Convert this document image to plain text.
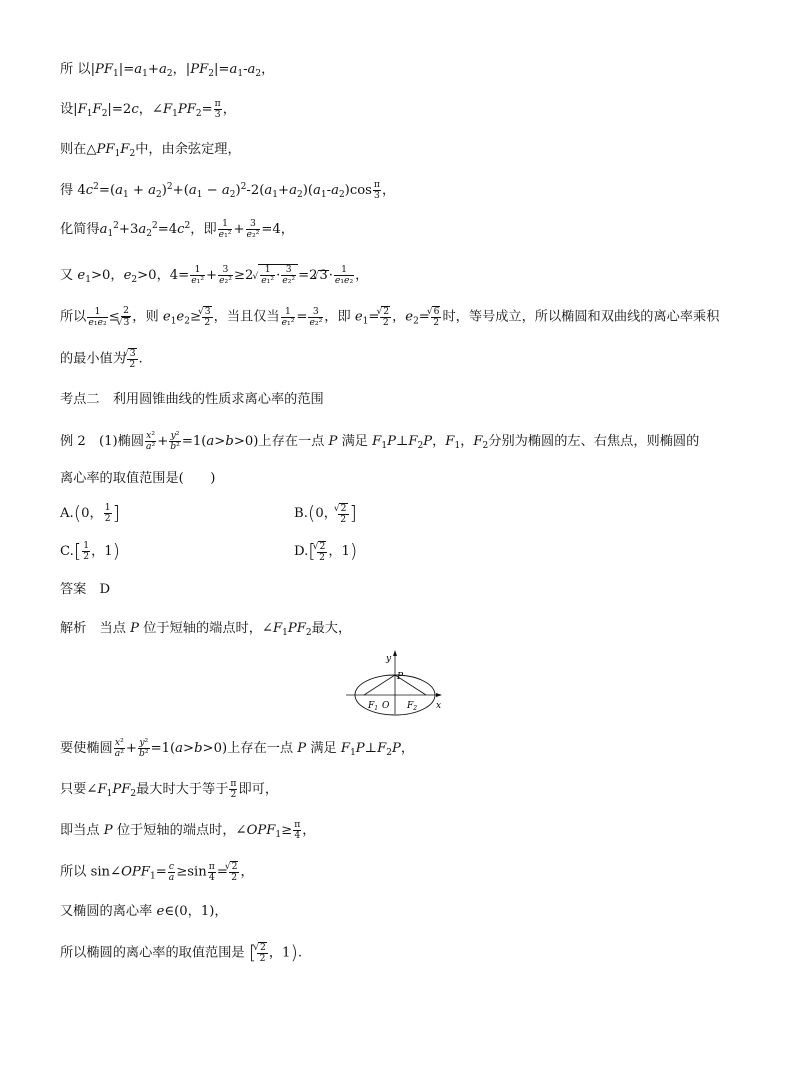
所 以$|PF_1|=a_1+a_2$，$|PF_2|=a_1-a_2$，
设$|F_1F_2|=2c$，$\angle F_1PF_2= \frac{\pi}{3}$ ，
则在$\triangle PF_1F_2$中，由余弦定理，
得 $4c^2=(a_1 + a_2)^2+(a_1 - a_2)^2-2(a_1+a_2)(a_1-a_2)\cos \frac{\pi}{3}$ ，
化简得$a_1^2+3a_2^2=4c^2$，即 $\frac{1}{\text{e₁²}} + \frac{3}{\text{e₂²}} =4$，
又 $e_1>0$，$e_2>0$，$4= \frac{1}{\text{e₁²}} + \frac{3}{\text{e₂²}} \ge 2$
√ $\frac{1}{\text{e₁²}} \cdot \frac{3}{\text{e₂²}} =2√$ $3\cdot \frac{1}{\text{e₁e₂}}$ ，
所以 $\frac{1}{\text{e₁e₂}} \le 2$
√ 3 ，则 $e_1e_2\ge$
√ $\frac{3}{2}$ ，当且仅当 $\frac{1}{\text{e₁²}} = \frac{3}{\text{e₂²}}$ ，即 $e_1=$
√ $\frac{2}{2}$ ，$e_2=$
√ $\frac{6}{2}$ 时，等号成立，所以椭圆和双曲线的离心率乘积
的最小值为
√ $\frac{3}{2}$ .
考点二　利用圆锥曲线的性质求离心率的范围
例 2　(1)椭圆 $\frac{\text{x²}}{\text{a²}} + \frac{\text{y²}}{\text{b²}} =1(a>b>0)$上存在一点 P 满足 $F_1P\perp F_2P$，$F_1$，$F_2$分别为椭圆的左、右焦点，则椭圆的
离心率的取值范围是(　　)
A.(0， $\frac{1}{2}$ ]	B.(0，
√ $\frac{2}{2}$ ]
$C.[ \frac{1}{2}$ ，1)	D.[
√ $\frac{2}{2}$ ，1)
答案　D
解析　当点 P 位于短轴的端点时，$\angle F_1PF_2$最大，
x
y
P
O
$F_1$	$F_2$
要使椭圆 $\frac{\text{x²}}{\text{a²}} + \frac{\text{y²}}{\text{b²}} =1(a>b>0)$上存在一点 P 满足 $F_1P\perp F_2P$，
只要$\angle F_1PF_2$最大时大于等于 $\frac{\pi}{2}$ 即可，
即当点 P 位于短轴的端点时，$\angle OPF_1\ge \frac{\pi}{4}$ ，
所以 $\sin\angle OPF_1= \frac{c}{a} \ge\sin \frac{\pi}{4}$ =
√ $\frac{2}{2}$ ，
又椭圆的离心率 e∈(0，1)，
所以椭圆的离心率的取值范围是 [
√ $\frac{2}{2}$ ，1).
